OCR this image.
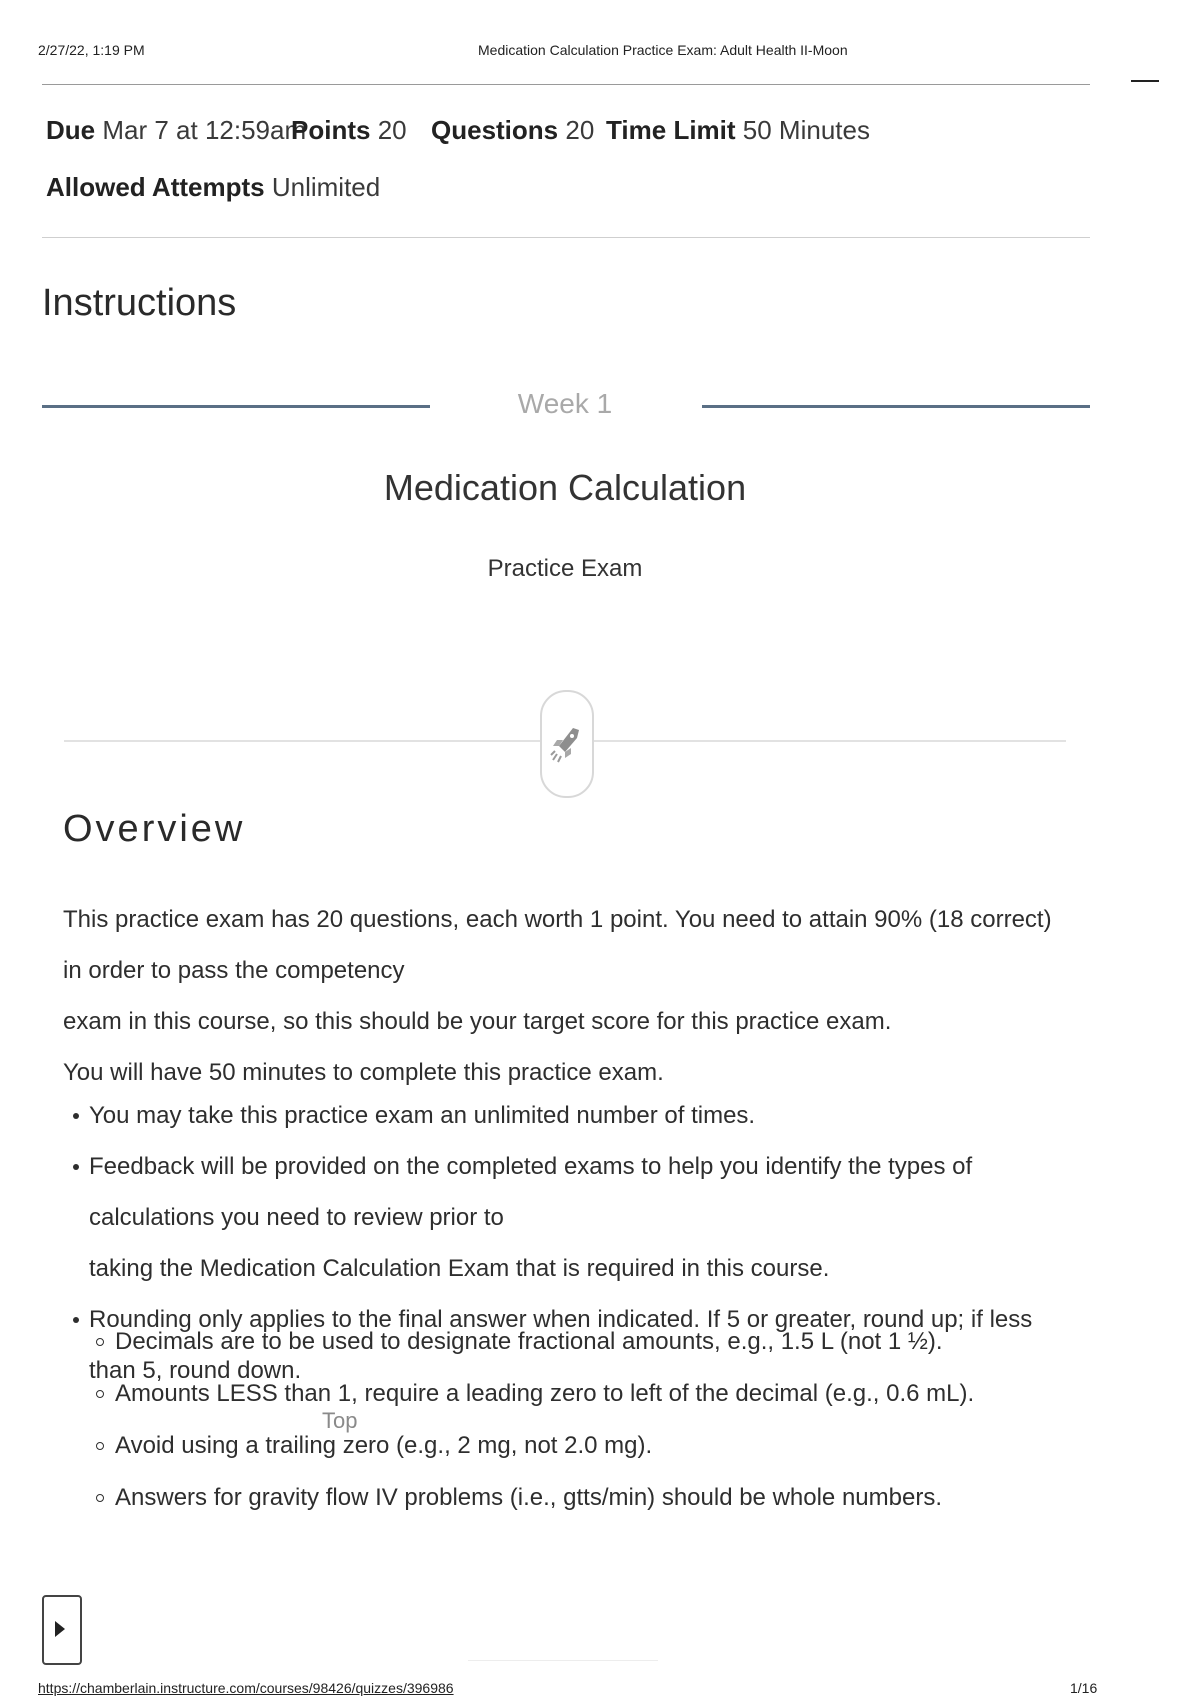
2/27/22, 1:19 PM	Medication Calculation Practice Exam: Adult Health II-Moon
Due Mar 7 at 12:59am
Points 20 Questions 20 Time Limit 50 Minutes
Allowed Attempts Unlimited
Instructions
Week 1
Medication Calculation
Practice Exam
Overview

This practice exam has 20 questions, each worth 1 point. You need to attain 90% (18 correct) in order to pass the competency

exam in this course, so this should be your target score for this practice exam.

You will have 50 minutes to complete this practice exam.

You may take this practice exam an unlimited number of times.
Feedback will be provided on the completed exams to help you identify the types of calculations you need to review prior to
taking the Medication Calculation Exam that is required in this course.
Rounding only applies to the final answer when indicated. If 5 or greater, round up; if less than 5, round down.
Decimals are to be used to designate fractional amounts, e.g., 1.5 L (not 1 ½).
Amounts LESS than 1, require a leading zero to left of the decimal (e.g., 0.6 mL).
Avoid using a trailing zero (e.g., 2 mg, not 2.0 mg).
Answers for gravity flow IV problems (i.e., gtts/min) should be whole numbers.
Top
https://chamberlain.instructure.com/courses/98426/quizzes/396986	1/16
